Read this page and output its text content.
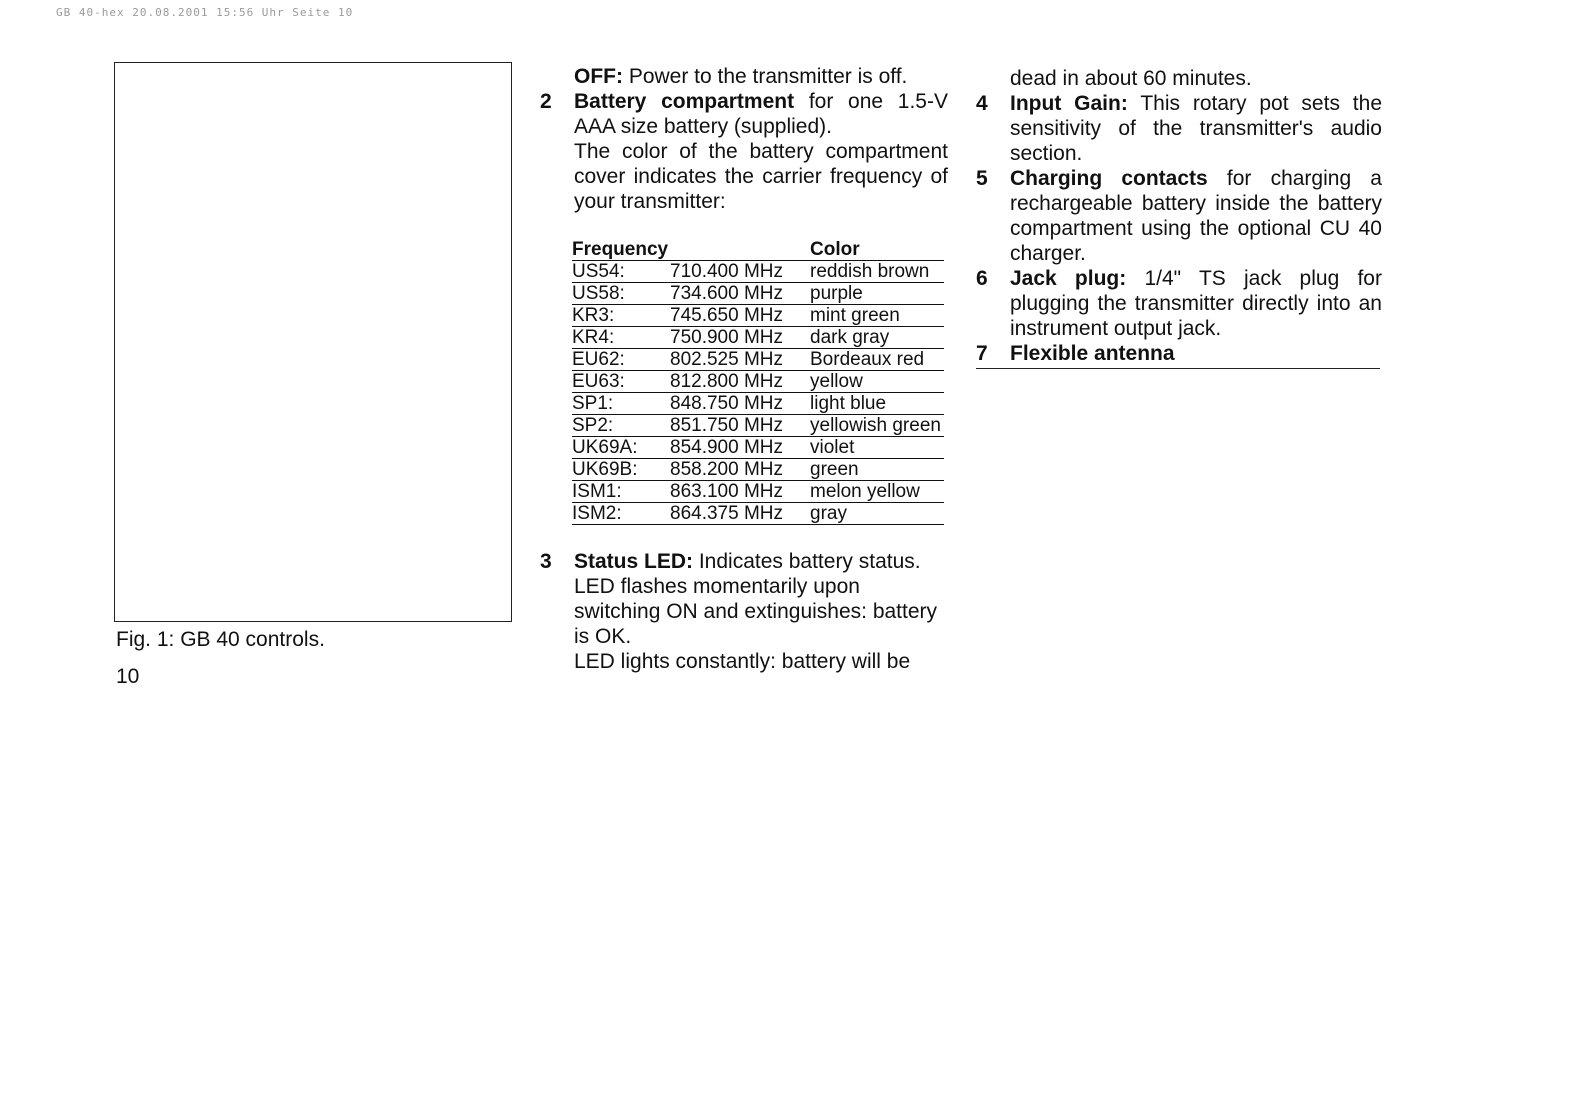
GB 40-hex 20.08.2001 15:56 Uhr Seite 10
Fig. 1: GB 40 controls.
10
OFF: Power to the transmitter is off.
2	Battery compartment for one 1.5-V AAA size battery (supplied).
The color of the battery compartment cover indicates the carrier frequency of your transmitter:
Frequency		Color
US54:	710.400 MHz	reddish brown
US58:	734.600 MHz	purple
KR3:	745.650 MHz	mint green
KR4:	750.900 MHz	dark gray
EU62:	802.525 MHz	Bordeaux red
EU63:	812.800 MHz	yellow
SP1:	848.750 MHz	light blue
SP2:	851.750 MHz	yellowish green
UK69A:	854.900 MHz	violet
UK69B:	858.200 MHz	green
ISM1:	863.100 MHz	melon yellow
ISM2:	864.375 MHz	gray
3	Status LED: Indicates battery status.
LED flashes momentarily upon switching ON and extinguishes: battery is OK.
LED lights constantly: battery will be
dead in about 60 minutes.
4	Input Gain: This rotary pot sets the sensitivity of the transmitter's audio section.
5	Charging contacts for charging a rechargeable battery inside the battery compartment using the optional CU 40 charger.
6	Jack plug: 1/4" TS jack plug for plugging the transmitter directly into an instrument output jack.
7	Flexible antenna
